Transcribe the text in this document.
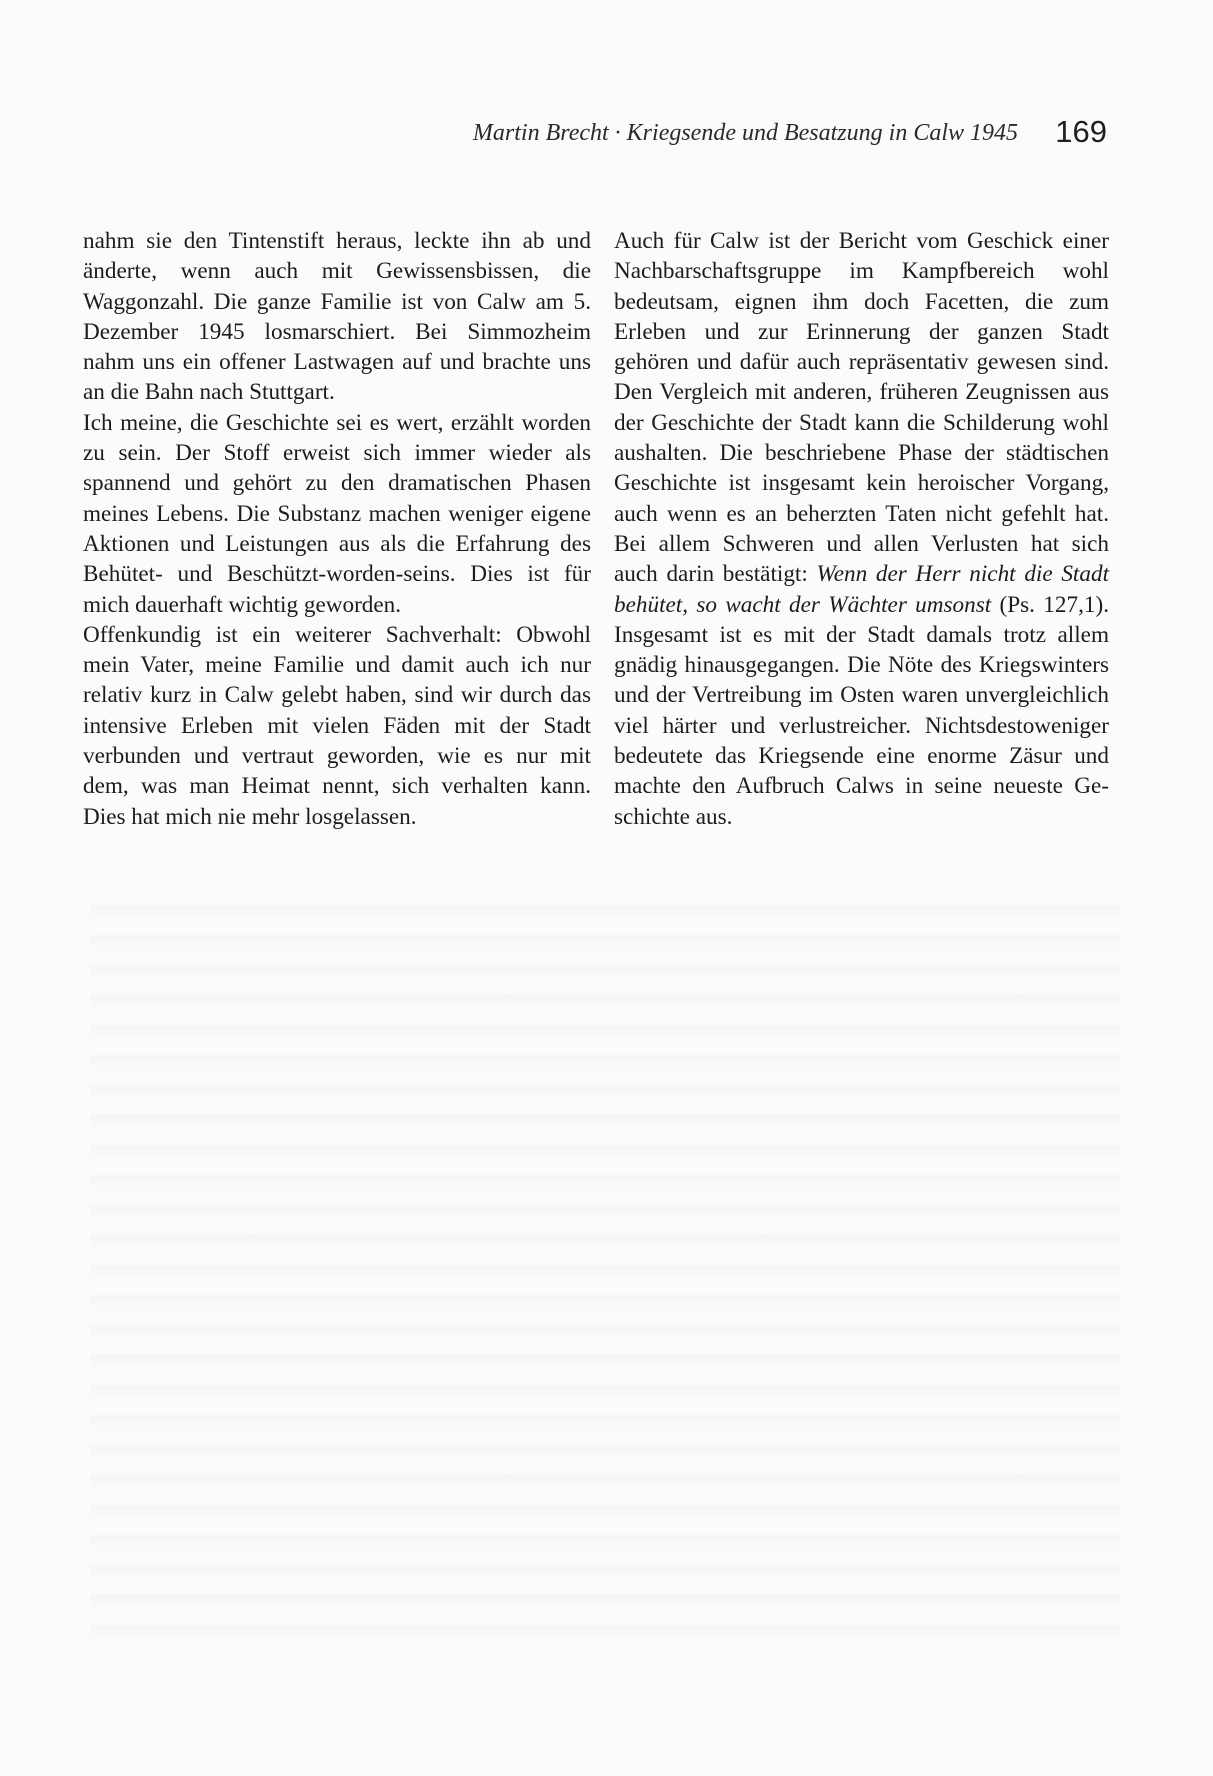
Martin Brecht · Kriegsende und Besatzung in Calw 1945 169

nahm sie den Tintenstift heraus, leckte ihn ab und änderte, wenn auch mit Gewissensbissen, die Waggonzahl. Die ganze Familie ist von Calw am 5. Dezember 1945 losmarschiert. Bei Simmozheim nahm uns ein offener Lastwagen auf und brachte uns an die Bahn nach Stuttgart.

Ich meine, die Geschichte sei es wert, erzählt worden zu sein. Der Stoff erweist sich immer wieder als spannend und gehört zu den dramatischen Phasen meines Lebens. Die Substanz machen weniger eigene Aktionen und Leistungen aus als die Erfahrung des Behütet- und Beschützt-worden-seins. Dies ist für mich dauerhaft wichtig geworden.

Offenkundig ist ein weiterer Sachverhalt: Obwohl mein Vater, meine Familie und damit auch ich nur relativ kurz in Calw gelebt haben, sind wir durch das intensive Erleben mit vielen Fäden mit der Stadt verbunden und vertraut geworden, wie es nur mit dem, was man Heimat nennt, sich verhalten kann. Dies hat mich nie mehr losgelassen.

Auch für Calw ist der Bericht vom Geschick einer Nachbarschaftsgruppe im Kampfbereich wohl bedeutsam, eignen ihm doch Facetten, die zum Erleben und zur Erinnerung der ganzen Stadt gehören und dafür auch repräsentativ gewesen sind. Den Vergleich mit anderen, früheren Zeugnissen aus der Geschichte der Stadt kann die Schilderung wohl aushalten. Die beschriebene Phase der städtischen Geschichte ist insgesamt kein heroischer Vorgang, auch wenn es an beherzten Taten nicht gefehlt hat. Bei allem Schweren und allen Verlusten hat sich auch darin bestätigt: Wenn der Herr nicht die Stadt behütet, so wacht der Wächter umsonst (Ps. 127,1). Insgesamt ist es mit der Stadt damals trotz allem gnädig hinausgegangen. Die Nöte des Kriegswinters und der Vertreibung im Osten waren unvergleichlich viel härter und verlustreicher. Nichtsdestoweniger bedeutete das Kriegsende eine enorme Zäsur und machte den Aufbruch Calws in seine neueste Geschichte aus.
